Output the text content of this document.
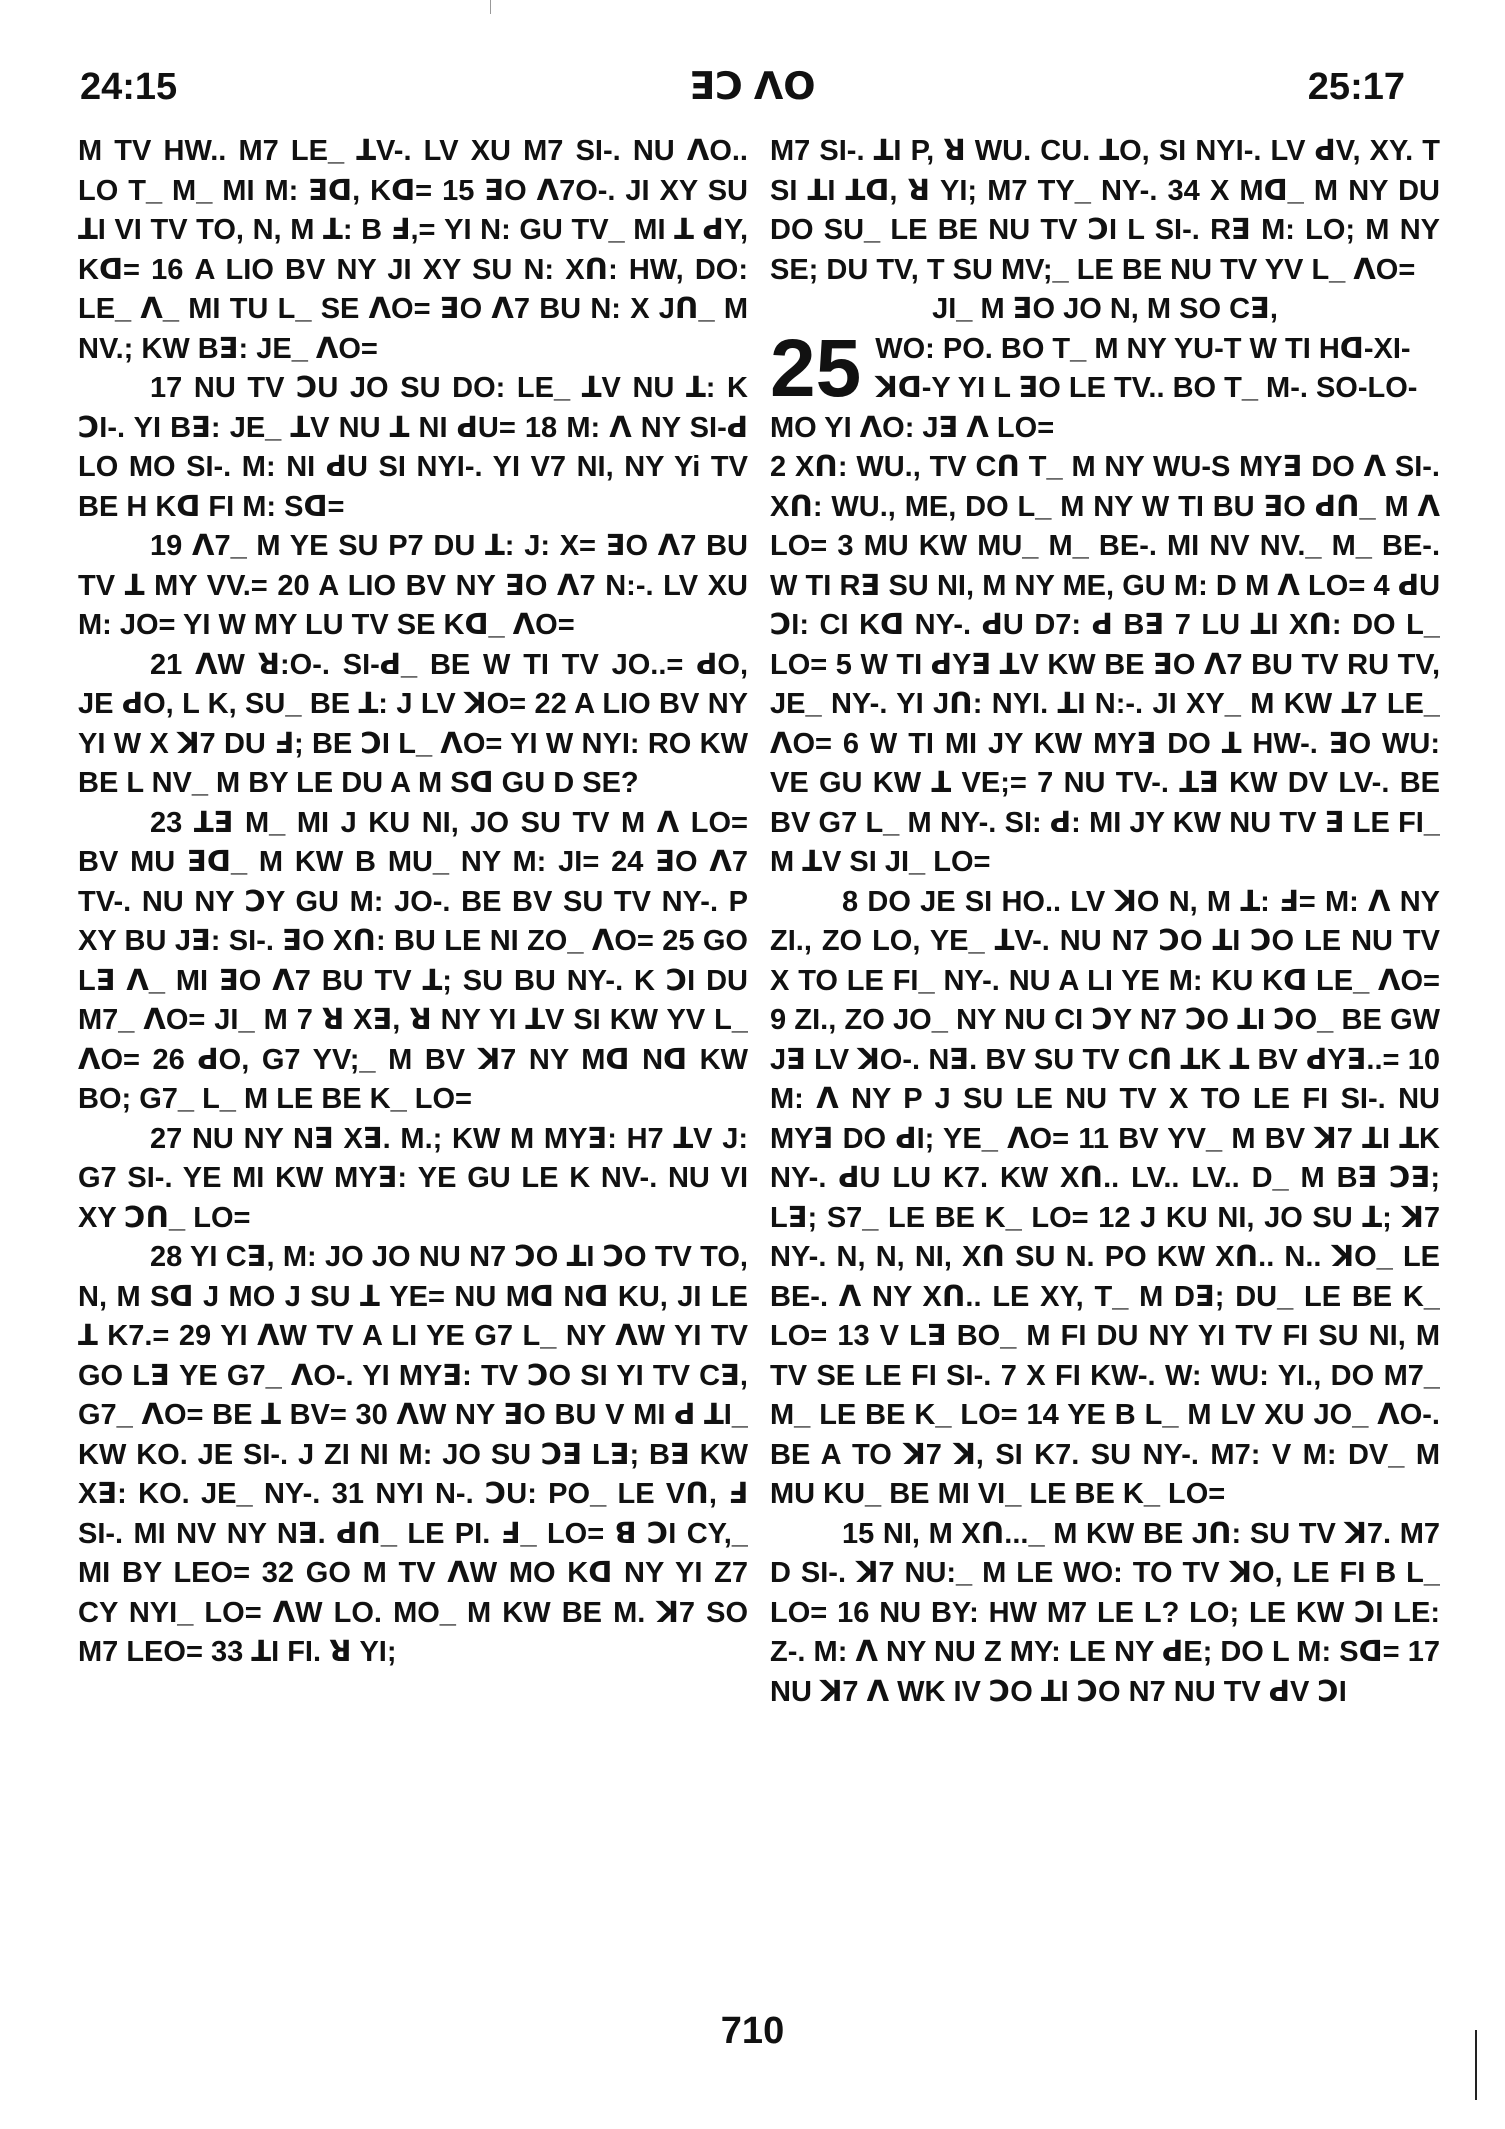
24:15	ꓱꓛ ꓥꓳ	25:17

M TV HW.. M7 LE_ ꓕV-. LV XU M7 SI-. NU ꓥO.. LO T_ M_ MI M: ꓱꓷ, Kꓷ= 15 ꓱO ꓥ7O-. JI XY SU ꓕI VI TV TO, N, M ꓕ: B ꓞ,= YI N: GU TV_ MI ꓕ ꓒY, Kꓷ= 16 A LIO BV NY JI XY SU N: Xꓵ: HW, DO: LE_ ꓥ_ MI TU L_ SE ꓥO= ꓱO ꓥ7 BU N: X Jꓵ_ M NV.; KW Bꓱ: JE_ ꓥO=

17 NU TV ꓛU JO SU DO: LE_ ꓕV NU ꓕ: K ꓛI-. YI Bꓱ: JE_ ꓕV NU ꓕ NI ꓒU= 18 M: ꓥ NY SI-ꓒ LO MO SI-. M: NI ꓒU SI NYI-. YI V7 NI, NY Yi TV BE H Kꓷ FI M: Sꓷ=

19 ꓥ7_ M YE SU P7 DU ꓕ: J: X= ꓱO ꓥ7 BU TV ꓕ MY VV.= 20 A LIO BV NY ꓱO ꓥ7 N:-. LV XU M: JO= YI W MY LU TV SE Kꓷ_ ꓥO=

21 ꓥW ꓤ:O-. SI-ꓒ_ BE W TI TV JO..= ꓒO, JE ꓒO, L K, SU_ BE ꓕ: J LV ꓘO= 22 A LIO BV NY YI W X ꓘ7 DU ꓞ; BE ꓛI L_ ꓥO= YI W NYI: RO KW BE L NV_ M BY LE DU A M Sꓷ GU D SE?

23 ꓕꓱ M_ MI J KU NI, JO SU TV M ꓥ LO= BV MU ꓱꓷ_ M KW B MU_ NY M: JI= 24 ꓱO ꓥ7 TV-. NU NY ꓛY GU M: JO-. BE BV SU TV NY-. P XY BU Jꓱ: SI-. ꓱO Xꓵ: BU LE NI ZO_ ꓥO= 25 GO Lꓱ ꓥ_ MI ꓱO ꓥ7 BU TV ꓕ; SU BU NY-. K ꓛI DU M7_ ꓥO= JI_ M 7 ꓤ Xꓱ, ꓤ NY YI ꓕV SI KW YV L_ ꓥO= 26 ꓒO, G7 YV;_ M BV ꓘ7 NY Mꓷ Nꓷ KW BO; G7_ L_ M LE BE K_ LO=

27 NU NY Nꓱ Xꓱ. M.; KW M MYꓱ: H7 ꓕV J: G7 SI-. YE MI KW MYꓱ: YE GU LE K NV-. NU VI XY ꓛꓵ_ LO=

28 YI Cꓱ, M: JO JO NU N7 ꓛO ꓕI ꓛO TV TO, N, M Sꓷ J MO J SU ꓕ YE= NU Mꓷ Nꓷ KU, JI LE ꓕ K7.= 29 YI ꓥW TV A LI YE G7 L_ NY ꓥW YI TV GO Lꓱ YE G7_ ꓥO-. YI MYꓱ: TV ꓛO SI YI TV Cꓱ, G7_ ꓥO= BE ꓕ BV= 30 ꓥW NY ꓱO BU V MI ꓒ ꓕI_ KW KO. JE SI-. J ZI NI M: JO SU ꓛꓱ Lꓱ; Bꓱ KW Xꓱ: KO. JE_ NY-. 31 NYI N-. ꓛU: PO_ LE Vꓵ, ꓞ SI-. MI NV NY Nꓱ. ꓒꓵ_ LE PI. ꓞ_ LO= ꓭ ꓛI CY,_ MI BY LEO= 32 GO M TV ꓥW MO Kꓷ NY YI Z7 CY NYI_ LO= ꓥW LO. MO_ M KW BE M. ꓘ7 SO M7 LEO= 33 ꓕI FI. ꓤ YI;

M7 SI-. ꓕI P, ꓤ WU. CU. ꓕO, SI NYI-. LV ꓒV, XY. T SI ꓕI ꓕꓷ, ꓤ YI; M7 TY_ NY-. 34 X Mꓷ_ M NY DU DO SU_ LE BE NU TV ꓛI L SI-. Rꓱ M: LO; M NY SE; DU TV, T SU MV;_ LE BE NU TV YV L_ ꓥO=

JI_ M ꓱO JO N, M SO Cꓱ,

25 WO: PO. BO T_ M NY YU-T W TI Hꓷ-XI-ꓘꓷ-Y YI L ꓱO LE TV.. BO T_ M-. SO-LO-MO YI ꓥO: Jꓱ ꓥ LO=

2 Xꓵ: WU., TV Cꓵ T_ M NY WU-S MYꓱ DO ꓥ SI-. Xꓵ: WU., ME, DO L_ M NY W TI BU ꓱO ꓒꓵ_ M ꓥ LO= 3 MU KW MU_ M_ BE-. MI NV NV._ M_ BE-. W TI Rꓱ SU NI, M NY ME, GU M: D M ꓥ LO= 4 ꓒU ꓛI: CI Kꓷ NY-. ꓒU D7: ꓒ Bꓱ 7 LU ꓕI Xꓵ: DO L_ LO= 5 W TI ꓒYꓱ ꓕV KW BE ꓱO ꓥ7 BU TV RU TV, JE_ NY-. YI Jꓵ: NYI. ꓕI N:-. JI XY_ M KW ꓕ7 LE_ ꓥO= 6 W TI MI JY KW MYꓱ DO ꓕ HW-. ꓱO WU: VE GU KW ꓕ VE;= 7 NU TV-. ꓕꓱ KW DV LV-. BE BV G7 L_ M NY-. SI: ꓒ: MI JY KW NU TV ꓱ LE FI_ M ꓕV SI JI_ LO=

8 DO JE SI HO.. LV ꓘO N, M ꓕ: ꓞ= M: ꓥ NY ZI., ZO LO, YE_ ꓕV-. NU N7 ꓛO ꓕI ꓛO LE NU TV X TO LE FI_ NY-. NU A LI YE M: KU Kꓷ LE_ ꓥO= 9 ZI., ZO JO_ NY NU CI ꓛY N7 ꓛO ꓕI ꓛO_ BE GW Jꓱ LV ꓘO-. Nꓱ. BV SU TV Cꓵ ꓕK ꓕ BV ꓒYꓱ..= 10 M: ꓥ NY P J SU LE NU TV X TO LE FI SI-. NU MYꓱ DO ꓒI; YE_ ꓥO= 11 BV YV_ M BV ꓘ7 ꓕI ꓕK NY-. ꓒU LU K7. KW Xꓵ.. LV.. LV.. D_ M Bꓱ ꓛꓱ; Lꓱ; S7_ LE BE K_ LO= 12 J KU NI, JO SU ꓕ; ꓘ7 NY-. N, N, NI, Xꓵ SU N. PO KW Xꓵ.. N.. ꓘO_ LE BE-. ꓥ NY Xꓵ.. LE XY, T_ M Dꓱ; DU_ LE BE K_ LO= 13 V Lꓱ BO_ M FI DU NY YI TV FI SU NI, M TV SE LE FI SI-. 7 X FI KW-. W: WU: YI., DO M7_ M_ LE BE K_ LO= 14 YE B L_ M LV XU JO_ ꓥO-. BE A TO ꓘ7 ꓘ, SI K7. SU NY-. M7: V M: DV_ M MU KU_ BE MI VI_ LE BE K_ LO=

15 NI, M Xꓵ..._ M KW BE Jꓵ: SU TV ꓘ7. M7 D SI-. ꓘ7 NU:_ M LE WO: TO TV ꓘO, LE FI B L_ LO= 16 NU BY: HW M7 LE L? LO; LE KW ꓛI LE: Z-. M: ꓥ NY NU Z MY: LE NY ꓒE; DO L M: Sꓷ= 17 NU ꓘ7 ꓥ WK IV ꓛO ꓕI ꓛO N7 NU TV ꓒV ꓛI

710
